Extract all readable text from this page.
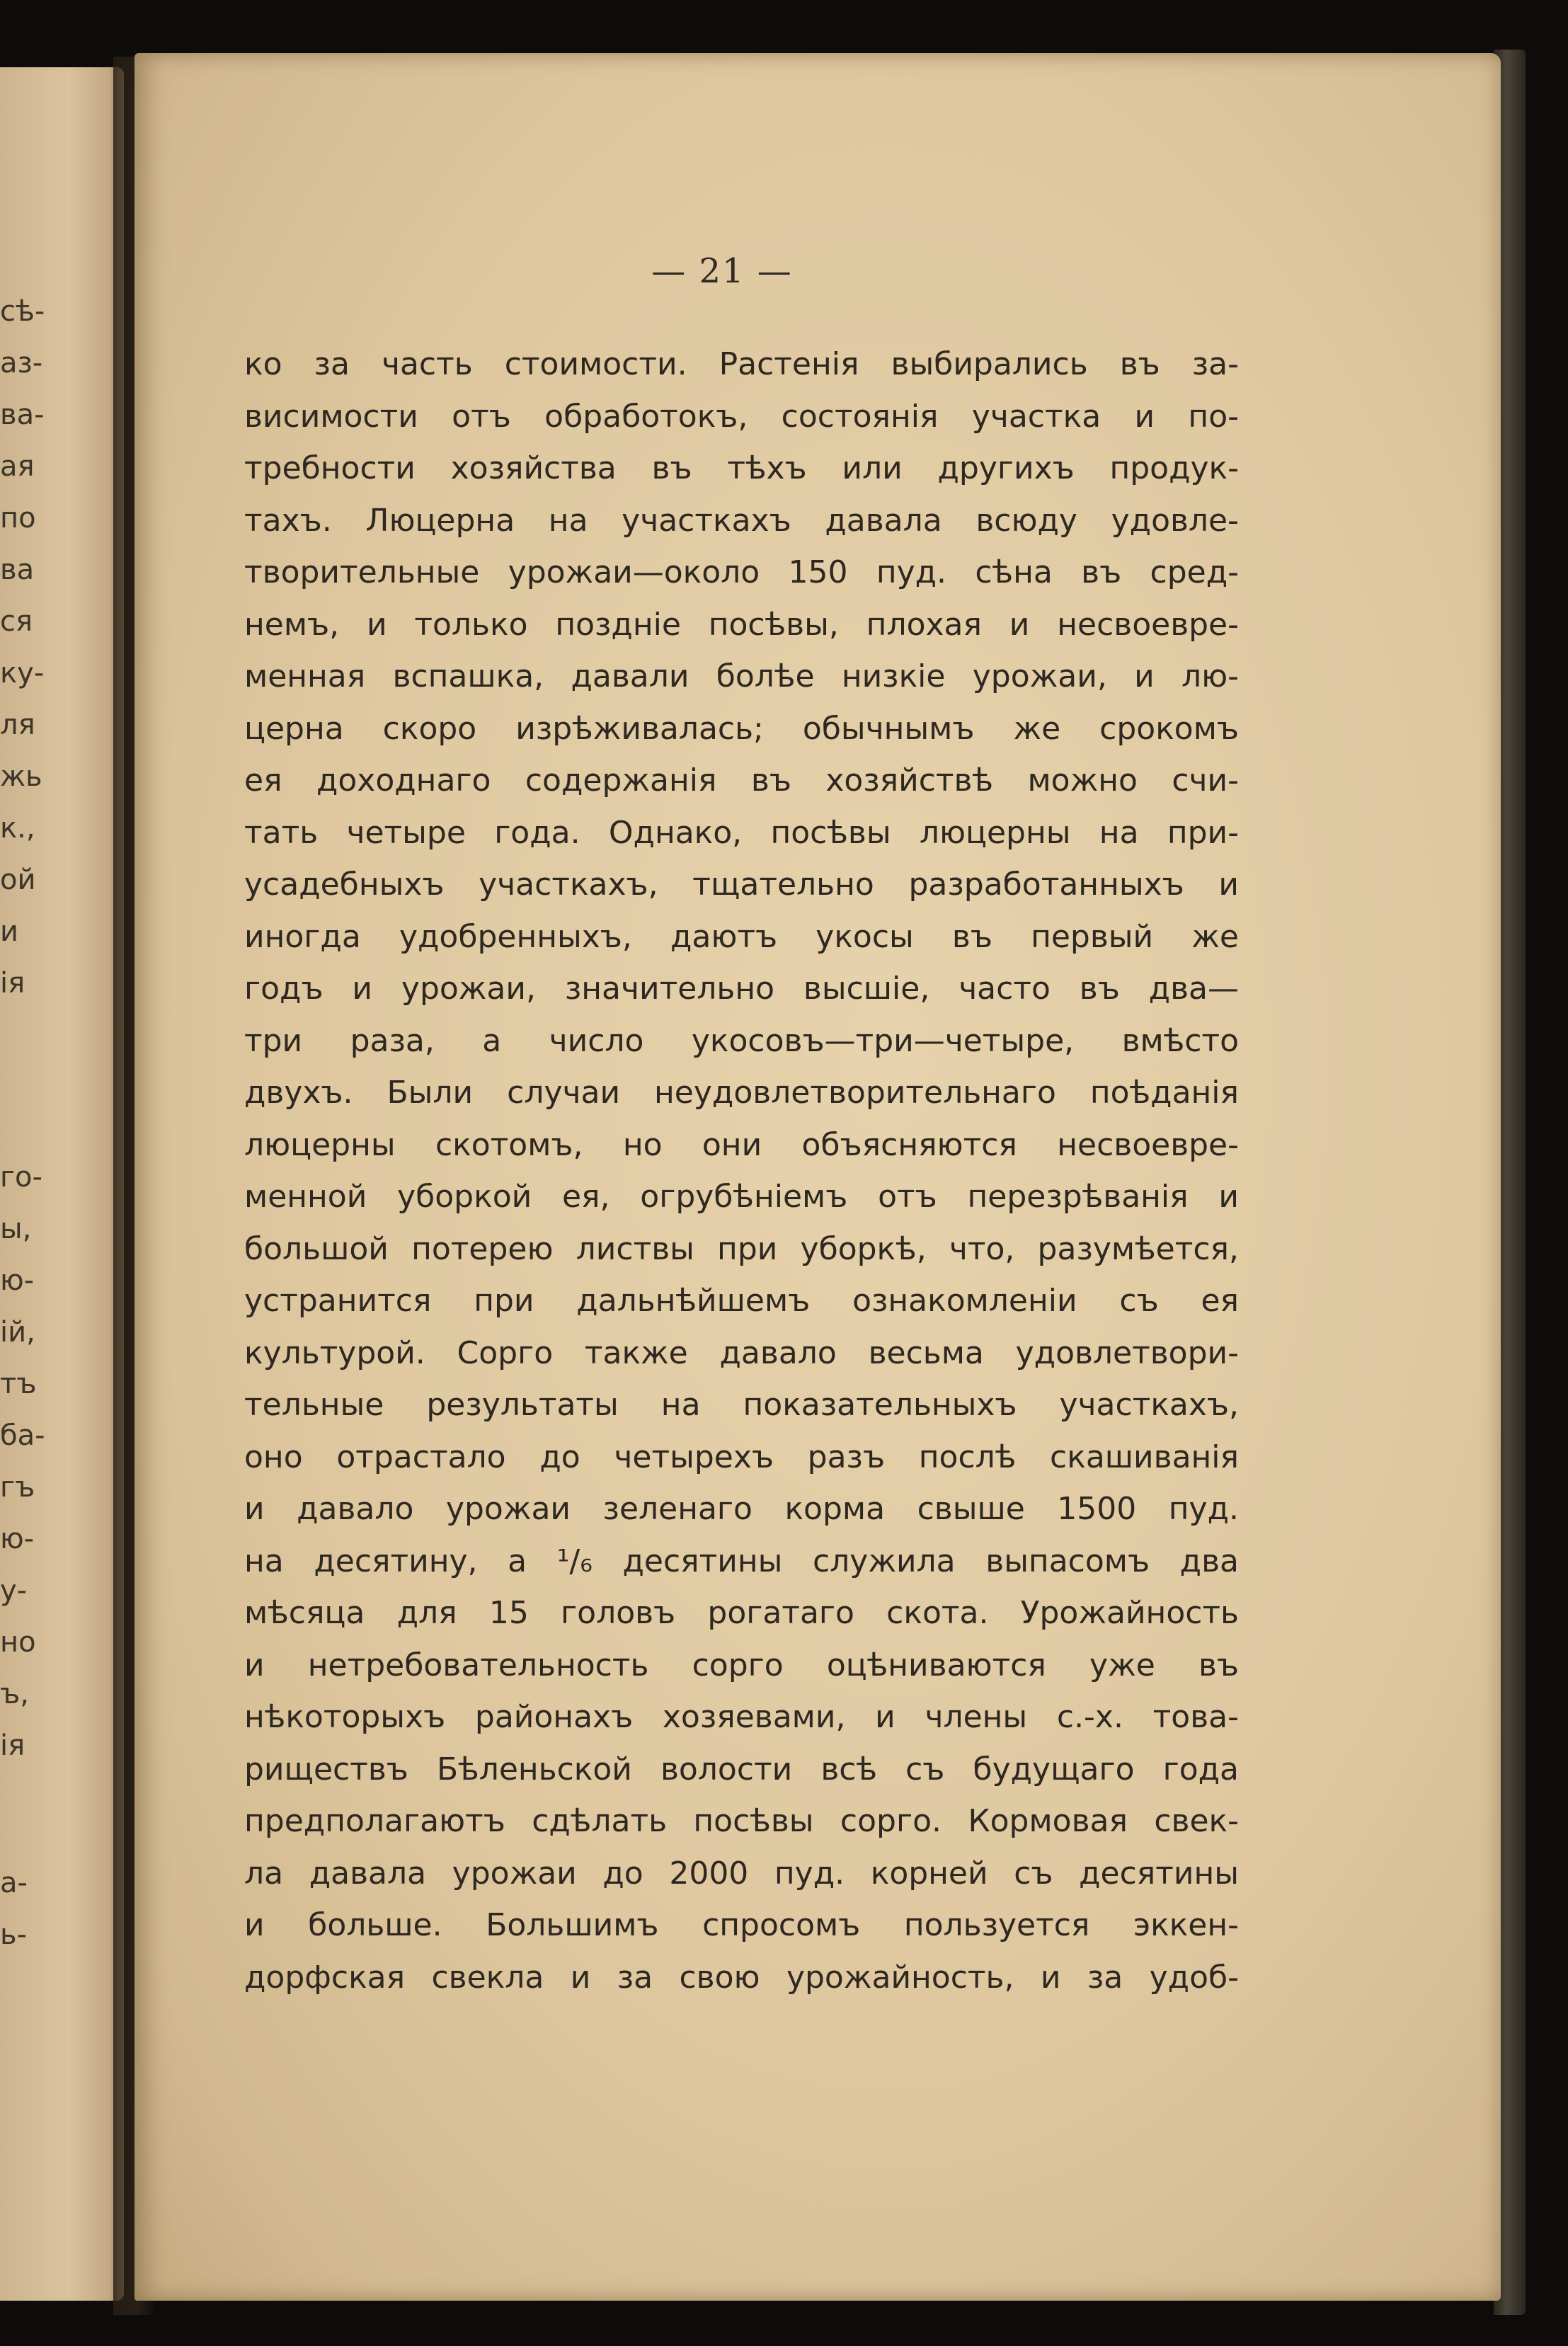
сѣ-
аз-
ва-
ая
по
ва
ся
ку-
ля
жь
к.,
ой
и
ія
го-
ы,
ю-
ій,
тъ
ба-
гъ
ю-
у-
но
ъ,
ія
а-
ь-
— 21 —
ко за часть стоимости. Растенія выбирались въ за-
висимости отъ обработокъ, состоянія участка и по-
требности хозяйства въ тѣхъ или другихъ продук-
тахъ. Люцерна на участкахъ давала всюду удовле-
творительные урожаи—около 150 пуд. сѣна въ сред-
немъ, и только поздніе посѣвы, плохая и несвоевре-
менная вспашка, давали болѣе низкіе урожаи, и лю-
церна скоро изрѣживалась; обычнымъ же срокомъ
ея доходнаго содержанія въ хозяйствѣ можно счи-
тать четыре года. Однако, посѣвы люцерны на при-
усадебныхъ участкахъ, тщательно разработанныхъ и
иногда удобренныхъ, даютъ укосы въ первый же
годъ и урожаи, значительно высшіе, часто въ два—
три раза, а число укосовъ—три—четыре, вмѣсто
двухъ. Были случаи неудовлетворительнаго поѣданія
люцерны скотомъ, но они объясняются несвоевре-
менной уборкой ея, огрубѣніемъ отъ перезрѣванія и
большой потерею листвы при уборкѣ, что, разумѣется,
устранится при дальнѣйшемъ ознакомленіи съ ея
культурой. Сорго также давало весьма удовлетвори-
тельные результаты на показательныхъ участкахъ,
оно отрастало до четырехъ разъ послѣ скашиванія
и давало урожаи зеленаго корма свыше 1500 пуд.
на десятину, а ¹/₆ десятины служила выпасомъ два
мѣсяца для 15 головъ рогатаго скота. Урожайность
и нетребовательность сорго оцѣниваются уже въ
нѣкоторыхъ районахъ хозяевами, и члены с.-х. това-
риществъ Бѣленьской волости всѣ съ будущаго года
предполагаютъ сдѣлать посѣвы сорго. Кормовая свек-
ла давала урожаи до 2000 пуд. корней съ десятины
и больше. Большимъ спросомъ пользуется эккен-
дорфская свекла и за свою урожайность, и за удоб-
